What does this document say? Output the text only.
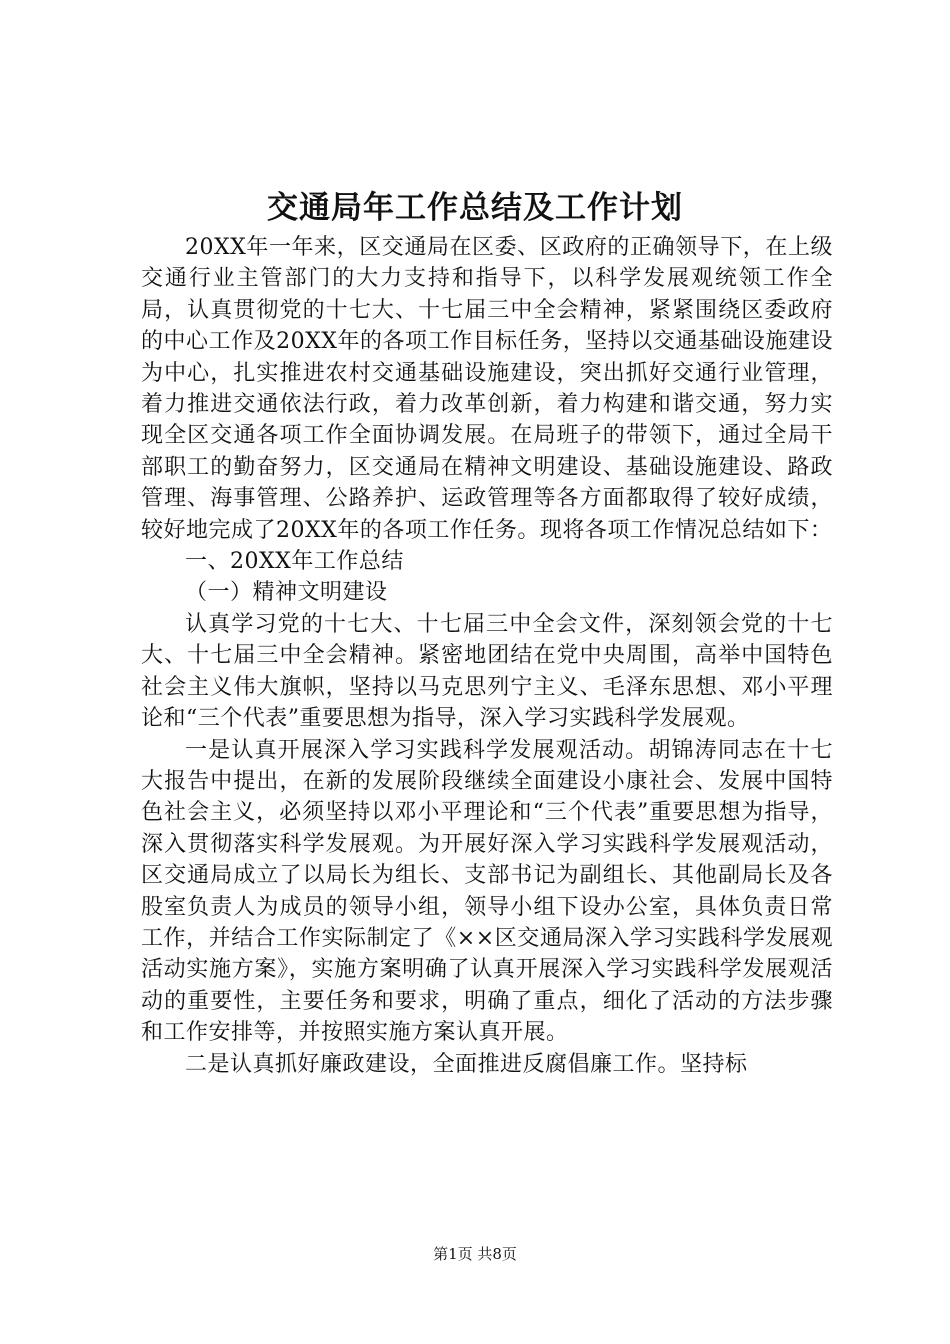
交通局年工作总结及工作计划

20XX年一年来，区交通局在区委、区政府的正确领导下，在上级交通行业主管部门的大力支持和指导下，以科学发展观统领工作全局，认真贯彻党的十七大、十七届三中全会精神，紧紧围绕区委政府的中心工作及20XX年的各项工作目标任务，坚持以交通基础设施建设为中心，扎实推进农村交通基础设施建设，突出抓好交通行业管理，着力推进交通依法行政，着力改革创新，着力构建和谐交通，努力实现全区交通各项工作全面协调发展。在局班子的带领下，通过全局干部职工的勤奋努力，区交通局在精神文明建设、基础设施建设、路政管理、海事管理、公路养护、运政管理等各方面都取得了较好成绩，较好地完成了20XX年的各项工作任务。现将各项工作情况总结如下：

一、20XX年工作总结

（一）精神文明建设

认真学习党的十七大、十七届三中全会文件，深刻领会党的十七大、十七届三中全会精神。紧密地团结在党中央周围，高举中国特色社会主义伟大旗帜，坚持以马克思列宁主义、毛泽东思想、邓小平理论和“三个代表”重要思想为指导，深入学习实践科学发展观。

一是认真开展深入学习实践科学发展观活动。胡锦涛同志在十七大报告中提出，在新的发展阶段继续全面建设小康社会、发展中国特色社会主义，必须坚持以邓小平理论和“三个代表”重要思想为指导，深入贯彻落实科学发展观。为开展好深入学习实践科学发展观活动，区交通局成立了以局长为组长、支部书记为副组长、其他副局长及各股室负责人为成员的领导小组，领导小组下设办公室，具体负责日常工作，并结合工作实际制定了《××区交通局深入学习实践科学发展观活动实施方案》，实施方案明确了认真开展深入学习实践科学发展观活动的重要性，主要任务和要求，明确了重点，细化了活动的方法步骤和工作安排等，并按照实施方案认真开展。

二是认真抓好廉政建设，全面推进反腐倡廉工作。坚持标

第1页 共8页
